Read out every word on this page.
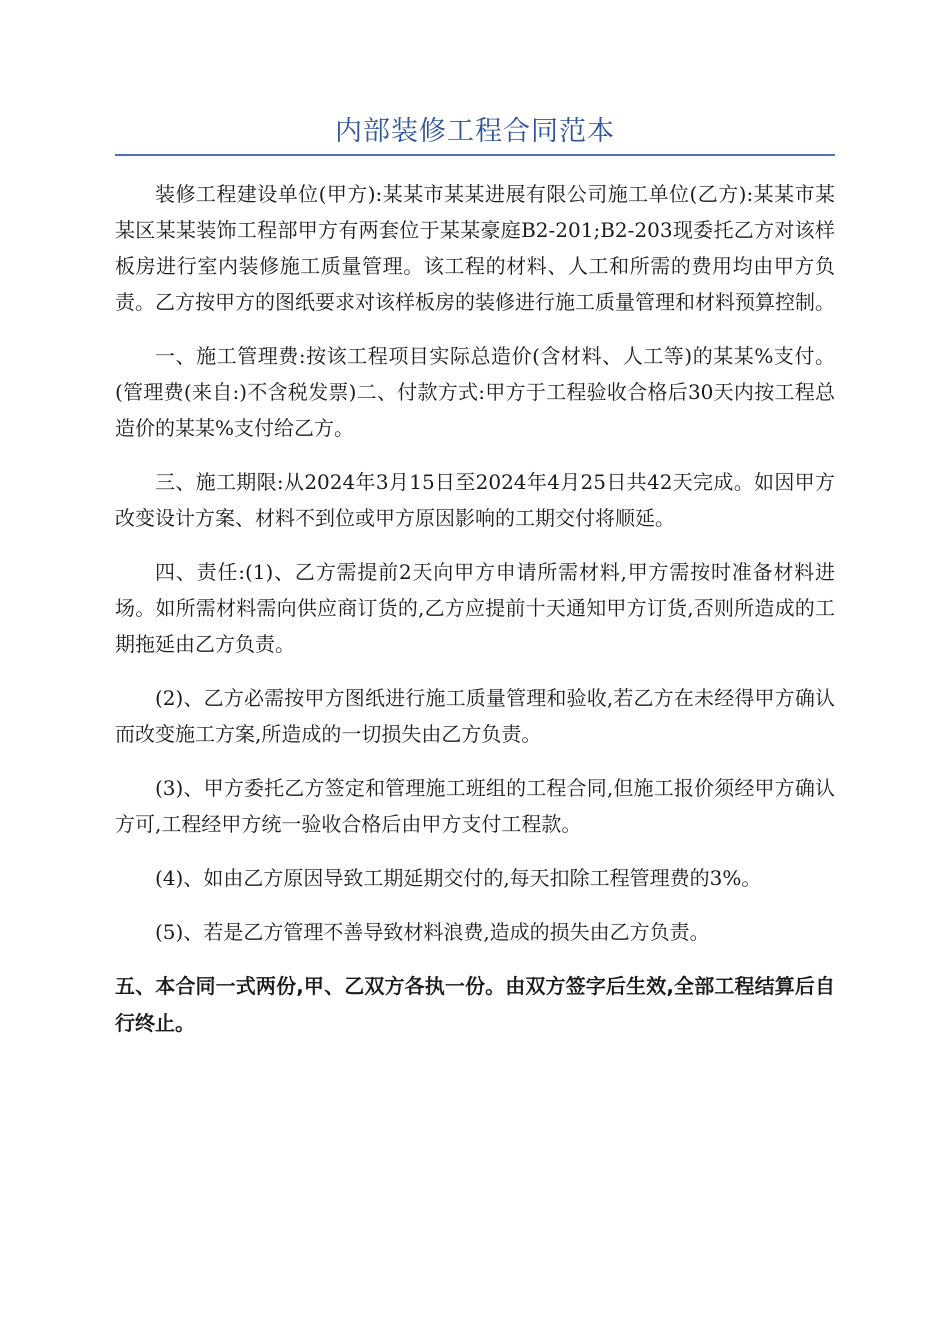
内部装修工程合同范本

装修工程建设单位(甲方):某某市某某进展有限公司施工单位(乙方):某某市某某区某某装饰工程部甲方有两套位于某某豪庭B2-201;B2-203现委托乙方对该样板房进行室内装修施工质量管理。该工程的材料、人工和所需的费用均由甲方负责。乙方按甲方的图纸要求对该样板房的装修进行施工质量管理和材料预算控制。

一、施工管理费:按该工程项目实际总造价(含材料、人工等)的某某%支付。(管理费(来自:)不含税发票)二、付款方式:甲方于工程验收合格后30天内按工程总造价的某某%支付给乙方。

三、施工期限:从2024年3月15日至2024年4月25日共42天完成。如因甲方改变设计方案、材料不到位或甲方原因影响的工期交付将顺延。

四、责任:(1)、乙方需提前2天向甲方申请所需材料,甲方需按时准备材料进场。如所需材料需向供应商订货的,乙方应提前十天通知甲方订货,否则所造成的工期拖延由乙方负责。

(2)、乙方必需按甲方图纸进行施工质量管理和验收,若乙方在未经得甲方确认而改变施工方案,所造成的一切损失由乙方负责。

(3)、甲方委托乙方签定和管理施工班组的工程合同,但施工报价须经甲方确认方可,工程经甲方统一验收合格后由甲方支付工程款。

(4)、如由乙方原因导致工期延期交付的,每天扣除工程管理费的3%。

(5)、若是乙方管理不善导致材料浪费,造成的损失由乙方负责。

五、本合同一式两份,甲、乙双方各执一份。由双方签字后生效,全部工程结算后自行终止。
